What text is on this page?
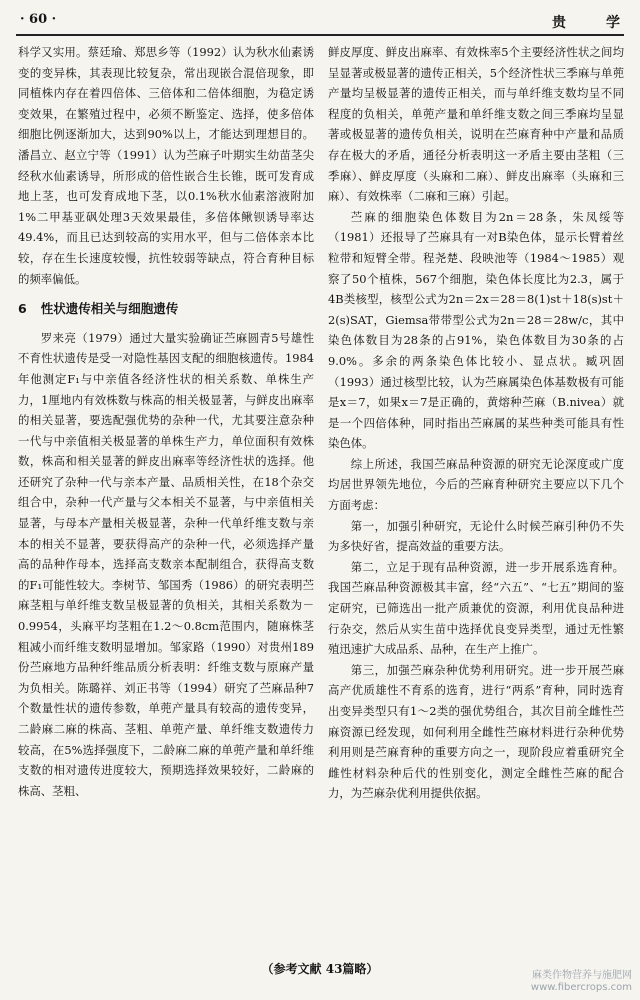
· 60 ·	贵	学

科学又实用。蔡廷瑜、郑思乡等（1992）认为秋水仙素诱变的变异株，其表现比较复杂，常出现嵌合混倍现象，即同植株内存在着四倍体、三倍体和二倍体细胞，为稳定诱变效果，在繁殖过程中，必须不断鉴定、选择，使多倍体细胞比例逐渐加大，达到90%以上，才能达到理想目的。潘昌立、赵立宁等（1991）认为苎麻子叶期实生幼苗茎尖经秋水仙素诱导，所形成的倍性嵌合生长锥，既可发育成地上茎，也可发育成地下茎，以0.1%秋水仙素溶液附加1%二甲基亚砜处理3天效果最佳，多倍体鳅钡诱导率达49.4%，而且已达到较高的实用水平，但与二倍体亲本比较，存在生长速度较慢，抗性较弱等缺点，符合育种目标的频率偏低。

6 性状遗传相关与细胞遗传

罗来亮（1979）通过大量实验确证苎麻圆青5号雄性不育性状遗传是受一对隐性基因支配的细胞核遗传。1984年他测定F₁与中亲值各经济性状的相关系数、单株生产力，1厘地内有效株数与株高的相关极显著，与鲜皮出麻率的相关显著，要选配强优势的杂种一代，尤其要注意杂种一代与中亲值相关极显著的单株生产力，单位面积有效株数，株高和相关显著的鲜皮出麻率等经济性状的选择。他还研究了杂种一代与亲本产量、品质相关性，在18个杂交组合中，杂种一代产量与父本相关不显著，与中亲值相关显著，与母本产量相关极显著，杂种一代单纤维支数与亲本的相关不显著，要获得高产的杂种一代，必须选择产量高的品种作母本，选择高支数亲本配制组合，获得高支数的F₁可能性较大。李树节、邹国秀（1986）的研究表明苎麻茎粗与单纤维支数呈极显著的负相关，其相关系数为－0.9954，头麻平均茎粗在1.2～0.8cm范围内，随麻株茎粗减小而纤维支数明显增加。邹家路（1990）对贵州189份苎麻地方品种纤维品质分析表明：纤维支数与原麻产量为负相关。陈璐祥、刘正书等（1994）研究了苎麻品种7个数量性状的遗传参数，单蔸产量具有较高的遗传变异，二龄麻二麻的株高、茎粗、单蔸产量、单纤维支数遗传力较高，在5%选择强度下，二龄麻二麻的单蔸产量和单纤维支数的相对遗传进度较大，预期选择效果较好，二龄麻的株高、茎粗、

鲜皮厚度、鲜皮出麻率、有效株率5个主要经济性状之间均呈显著或极显著的遗传正相关，5个经济性状三季麻与单蔸产量均呈极显著的遗传正相关，而与单纤维支数均呈不同程度的负相关，单蔸产量和单纤维支数之间三季麻均呈显著或极显著的遗传负相关，说明在苎麻育种中产量和品质存在极大的矛盾，通径分析表明这一矛盾主要由茎粗（三季麻）、鲜皮厚度（头麻和二麻）、鲜皮出麻率（头麻和三麻）、有效株率（二麻和三麻）引起。

苎麻的细胞染色体数目为2n＝28条，朱凤绥等（1981）还报导了苎麻具有一对B染色体，显示长臂着丝粒带和短臂全带。程尧楚、段映池等（1984～1985）观察了50个植株，567个细胞，染色体长度比为2.3，属于4B类核型，核型公式为2n＝2x＝28＝8(1)st＋18(s)st＋2(s)SAT，Giemsa带带型公式为2n＝28＝28w/c，其中染色体数目为28条的占91%，染色体数目为30条的占9.0%。多余的两条染色体比较小、显点状。臧巩固（1993）通过核型比较，认为苎麻属染色体基数极有可能是x＝7，如果x＝7是正确的，黄熔种苎麻（B.nivea）就是一个四倍体种，同时指出苎麻属的某些种类可能具有性染色体。

综上所述，我国苎麻品种资源的研究无论深度或广度均居世界领先地位，今后的苎麻育种研究主要应以下几个方面考虑：

第一，加强引种研究，无论什么时候苎麻引种仍不失为多快好省，提高效益的重要方法。

第二，立足于现有品种资源，进一步开展系选育种。我国苎麻品种资源极其丰富，经“六五”、“七五”期间的鉴定研究，已筛选出一批产质兼优的资源，利用优良品种进行杂交，然后从实生苗中选择优良变异类型，通过无性繁殖迅速扩大成品系、品种，在生产上推广。

第三，加强苎麻杂种优势利用研究。进一步开展苎麻高产优质雄性不育系的选育，进行“两系”育种，同时选育出变异类型只有1～2类的强优势组合，其次目前全雌性苎麻资源已经发现，如何利用全雌性苎麻材料进行杂种优势利用则是苎麻育种的重要方向之一，现阶段应着重研究全雌性材料杂种后代的性别变化，测定全雌性苎麻的配合力，为苎麻杂优利用提供依据。

（参考文献 43篇略）	麻类作物营养与施肥网
www.fibercrops.com
